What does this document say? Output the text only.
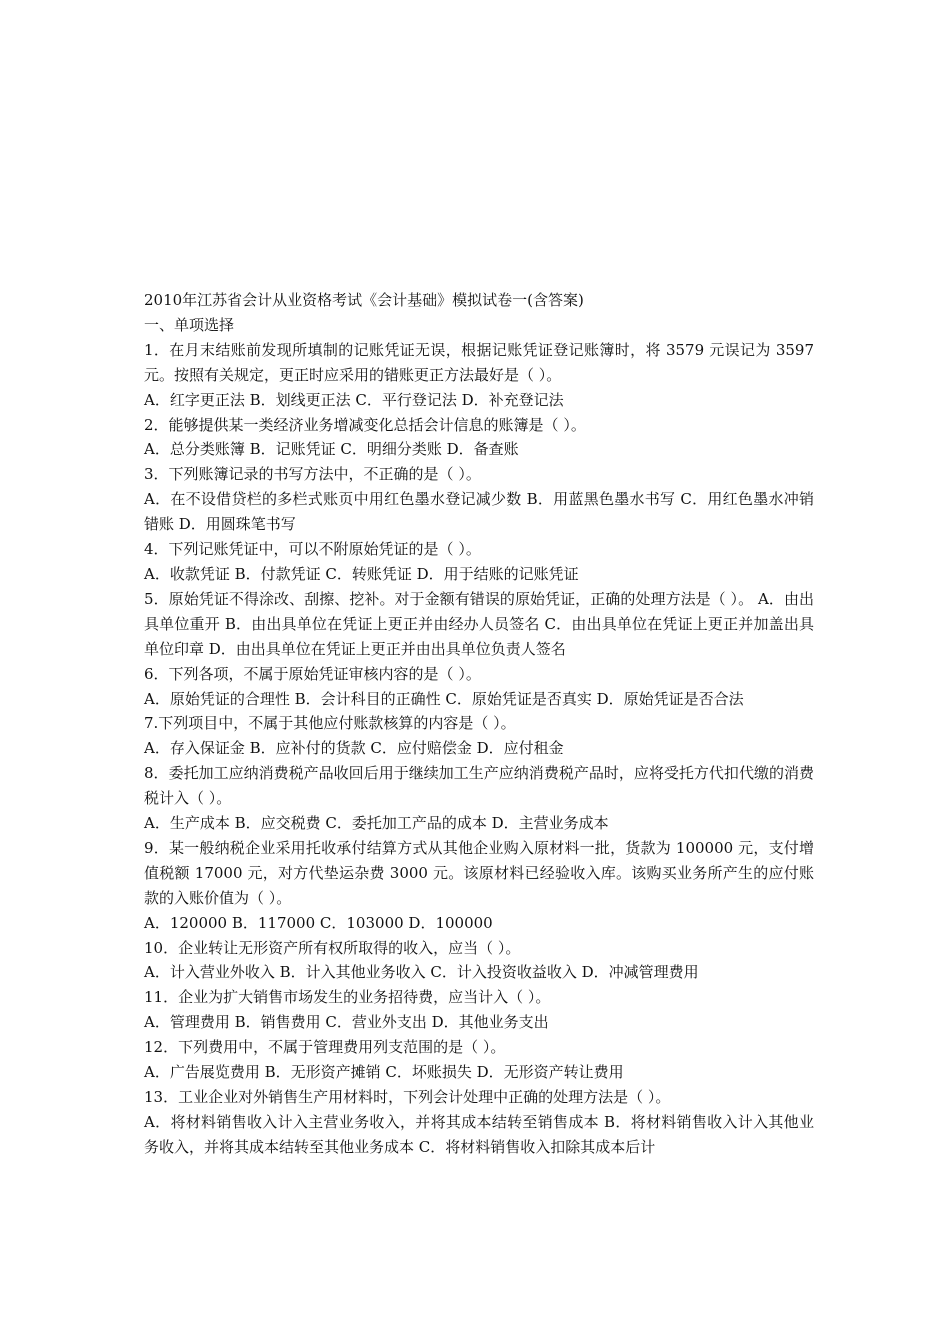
2010年江苏省会计从业资格考试《会计基础》模拟试卷一(含答案)
一、单项选择
1．在月末结账前发现所填制的记账凭证无误，根据记账凭证登记账簿时，将 3579 元误记为 3597 元。按照有关规定，更正时应采用的错账更正方法最好是（ ）。
A．红字更正法 B．划线更正法 C．平行登记法 D．补充登记法
2．能够提供某一类经济业务增减变化总括会计信息的账簿是（ ）。
A．总分类账簿 B．记账凭证 C．明细分类账 D．备查账
3．下列账簿记录的书写方法中，不正确的是（ ）。
A．在不设借贷栏的多栏式账页中用红色墨水登记减少数 B．用蓝黑色墨水书写 C．用红色墨水冲销错账 D．用圆珠笔书写
4．下列记账凭证中，可以不附原始凭证的是（ ）。
A．收款凭证 B．付款凭证 C．转账凭证 D．用于结账的记账凭证
5．原始凭证不得涂改、刮擦、挖补。对于金额有错误的原始凭证，正确的处理方法是（ ）。 A．由出具单位重开 B．由出具单位在凭证上更正并由经办人员签名 C．由出具单位在凭证上更正并加盖出具单位印章 D．由出具单位在凭证上更正并由出具单位负责人签名
6．下列各项，不属于原始凭证审核内容的是（ ）。
A．原始凭证的合理性 B．会计科目的正确性 C．原始凭证是否真实 D．原始凭证是否合法
7.下列项目中，不属于其他应付账款核算的内容是（ ）。
A．存入保证金 B．应补付的货款 C．应付赔偿金 D．应付租金
8．委托加工应纳消费税产品收回后用于继续加工生产应纳消费税产品时，应将受托方代扣代缴的消费税计入（ ）。
A．生产成本 B．应交税费 C．委托加工产品的成本 D．主营业务成本
9．某一般纳税企业采用托收承付结算方式从其他企业购入原材料一批，货款为 100000 元，支付增值税额 17000 元，对方代垫运杂费 3000 元。该原材料已经验收入库。该购买业务所产生的应付账款的入账价值为（ ）。
A．120000 B．117000 C．103000 D．100000
10．企业转让无形资产所有权所取得的收入，应当（ ）。
A．计入营业外收入 B．计入其他业务收入 C．计入投资收益收入 D．冲减管理费用
11．企业为扩大销售市场发生的业务招待费，应当计入（ ）。
A．管理费用 B．销售费用 C．营业外支出 D．其他业务支出
12．下列费用中，不属于管理费用列支范围的是（ ）。
A．广告展览费用 B．无形资产摊销 C．坏账损失 D．无形资产转让费用
13．工业企业对外销售生产用材料时，下列会计处理中正确的处理方法是（ ）。
A．将材料销售收入计入主营业务收入，并将其成本结转至销售成本 B．将材料销售收入计入其他业务收入，并将其成本结转至其他业务成本 C．将材料销售收入扣除其成本后计
